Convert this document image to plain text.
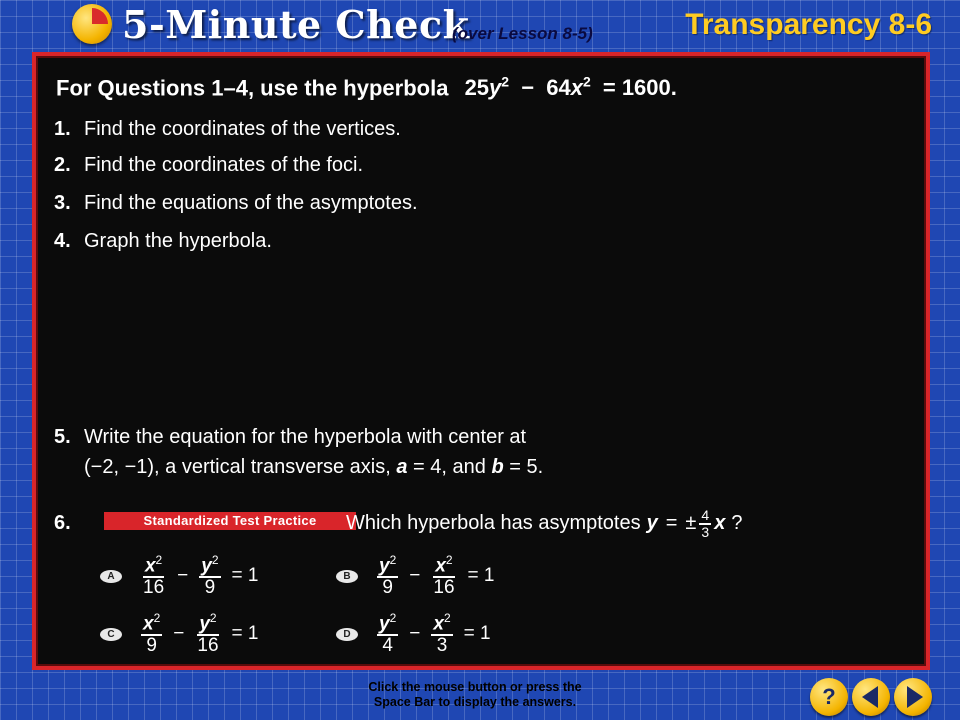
5-Minute Check
(over Lesson 8-5)	Transparency 8-6
For Questions 1–4, use the hyperbola $25y^2 - 64x^2 = 1600$.
1. Find the coordinates of the vertices.
2. Find the coordinates of the foci.
3. Find the equations of the asymptotes.
4. Graph the hyperbola.
5. Write the equation for the hyperbola with center at
(−2, −1), a vertical transverse axis, a = 4, and b = 5.
6.	Standardized Test Practice	Which hyperbola has asymptotes y = ± $\frac{4}{3}$ x ?
A	$\frac{x^2}{16} - \frac{y^2}{9} = 1$	B	$\frac{y^2}{9} - \frac{x^2}{16} = 1$
C	$\frac{x^2}{9} - \frac{y^2}{16} = 1$	D	$\frac{y^2}{4} - \frac{x^2}{3} = 1$
Click the mouse button or press the
Space Bar to display the answers.	?
